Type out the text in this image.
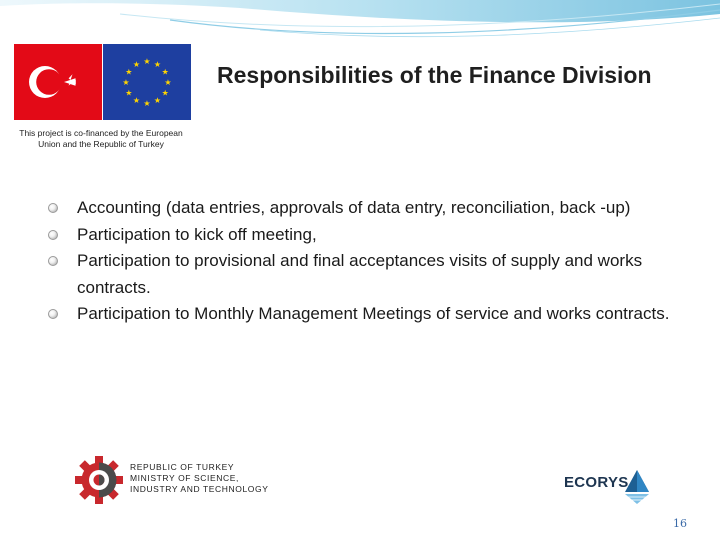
★ ★
★
★
★
★
★
★
★
★
★
★
This project is co-financed by the European Union and the Republic of Turkey
Responsibilities of the Finance Division
Accounting (data entries, approvals of data entry, reconciliation, back -up)
Participation to kick off meeting,
Participation to provisional and final acceptances visits of supply and works contracts.
Participation to Monthly Management Meetings of service and works contracts.
REPUBLIC OF TURKEY
MINISTRY OF SCIENCE,
INDUSTRY AND TECHNOLOGY	ECORYS
16
